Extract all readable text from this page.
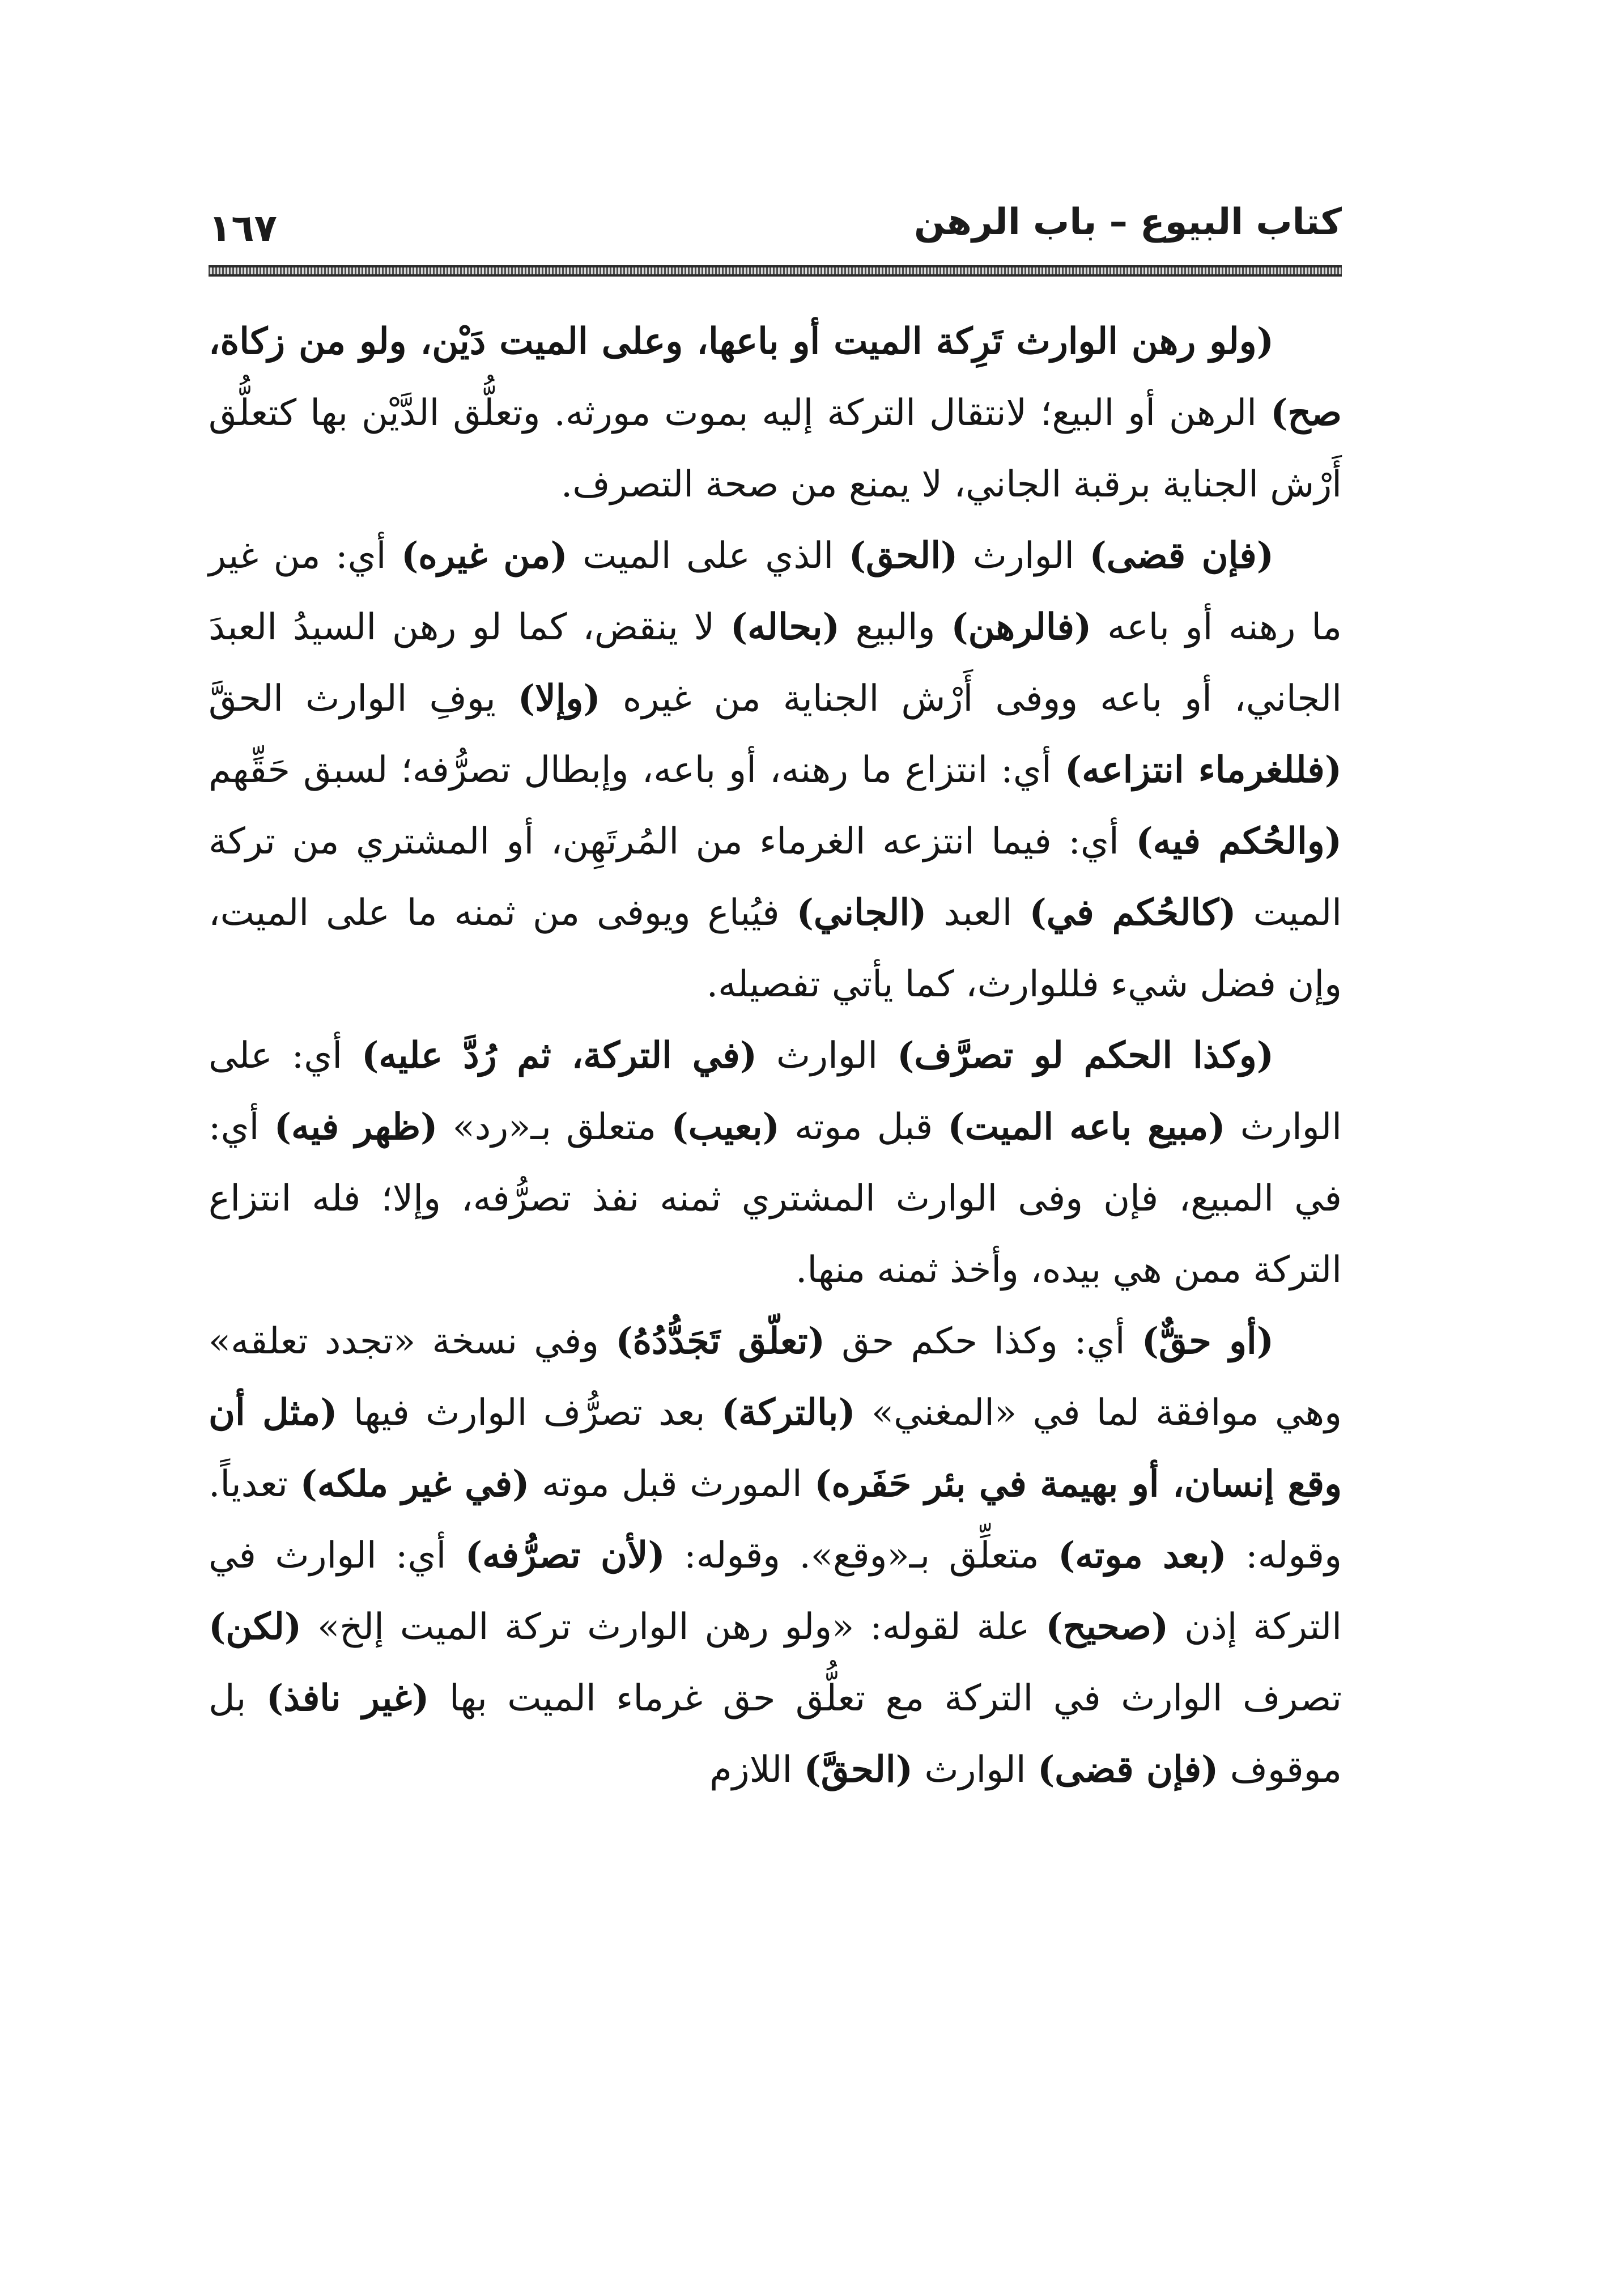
١٦٧	كتاب البيوع – باب الرهن

(ولو رهن الوارث تَرِكة الميت أو باعها، وعلى الميت دَيْن، ولو من زكاة، صح) الرهن أو البيع؛ لانتقال التركة إليه بموت مورثه. وتعلُّق الدَّيْن بها كتعلُّق أَرْش الجناية برقبة الجاني، لا يمنع من صحة التصرف.

(فإن قضى) الوارث (الحق) الذي على الميت (من غيره) أي: من غير ما رهنه أو باعه (فالرهن) والبيع (بحاله) لا ينقض، كما لو رهن السيدُ العبدَ الجاني، أو باعه ووفى أَرْش الجناية من غيره (وإلا) يوفِ الوارث الحقَّ (فللغرماء انتزاعه) أي: انتزاع ما رهنه، أو باعه، وإبطال تصرُّفه؛ لسبق حَقِّهم (والحُكم فيه) أي: فيما انتزعه الغرماء من المُرتَهِن، أو المشتري من تركة الميت (كالحُكم في) العبد (الجاني) فيُباع ويوفى من ثمنه ما على الميت، وإن فضل شيء فللوارث، كما يأتي تفصيله.

(وكذا الحكم لو تصرَّف) الوارث (في التركة، ثم رُدَّ عليه) أي: على الوارث (مبيع باعه الميت) قبل موته (بعيب) متعلق بـ«رد» (ظهر فيه) أي: في المبيع، فإن وفى الوارث المشتري ثمنه نفذ تصرُّفه، وإلا؛ فله انتزاع التركة ممن هي بيده، وأخذ ثمنه منها.

(أو حقٌّ) أي: وكذا حكم حق (تعلّق تَجَدُّدُهُ) وفي نسخة «تجدد تعلقه» وهي موافقة لما في «المغني» (بالتركة) بعد تصرُّف الوارث فيها (مثل أن وقع إنسان، أو بهيمة في بئر حَفَره) المورث قبل موته (في غير ملكه) تعدياً. وقوله: (بعد موته) متعلِّق بـ«وقع». وقوله: (لأن تصرُّفه) أي: الوارث في التركة إذن (صحيح) علة لقوله: «ولو رهن الوارث تركة الميت إلخ» (لكن) تصرف الوارث في التركة مع تعلُّق حق غرماء الميت بها (غير نافذ) بل موقوف (فإن قضى) الوارث (الحقَّ) اللازم
